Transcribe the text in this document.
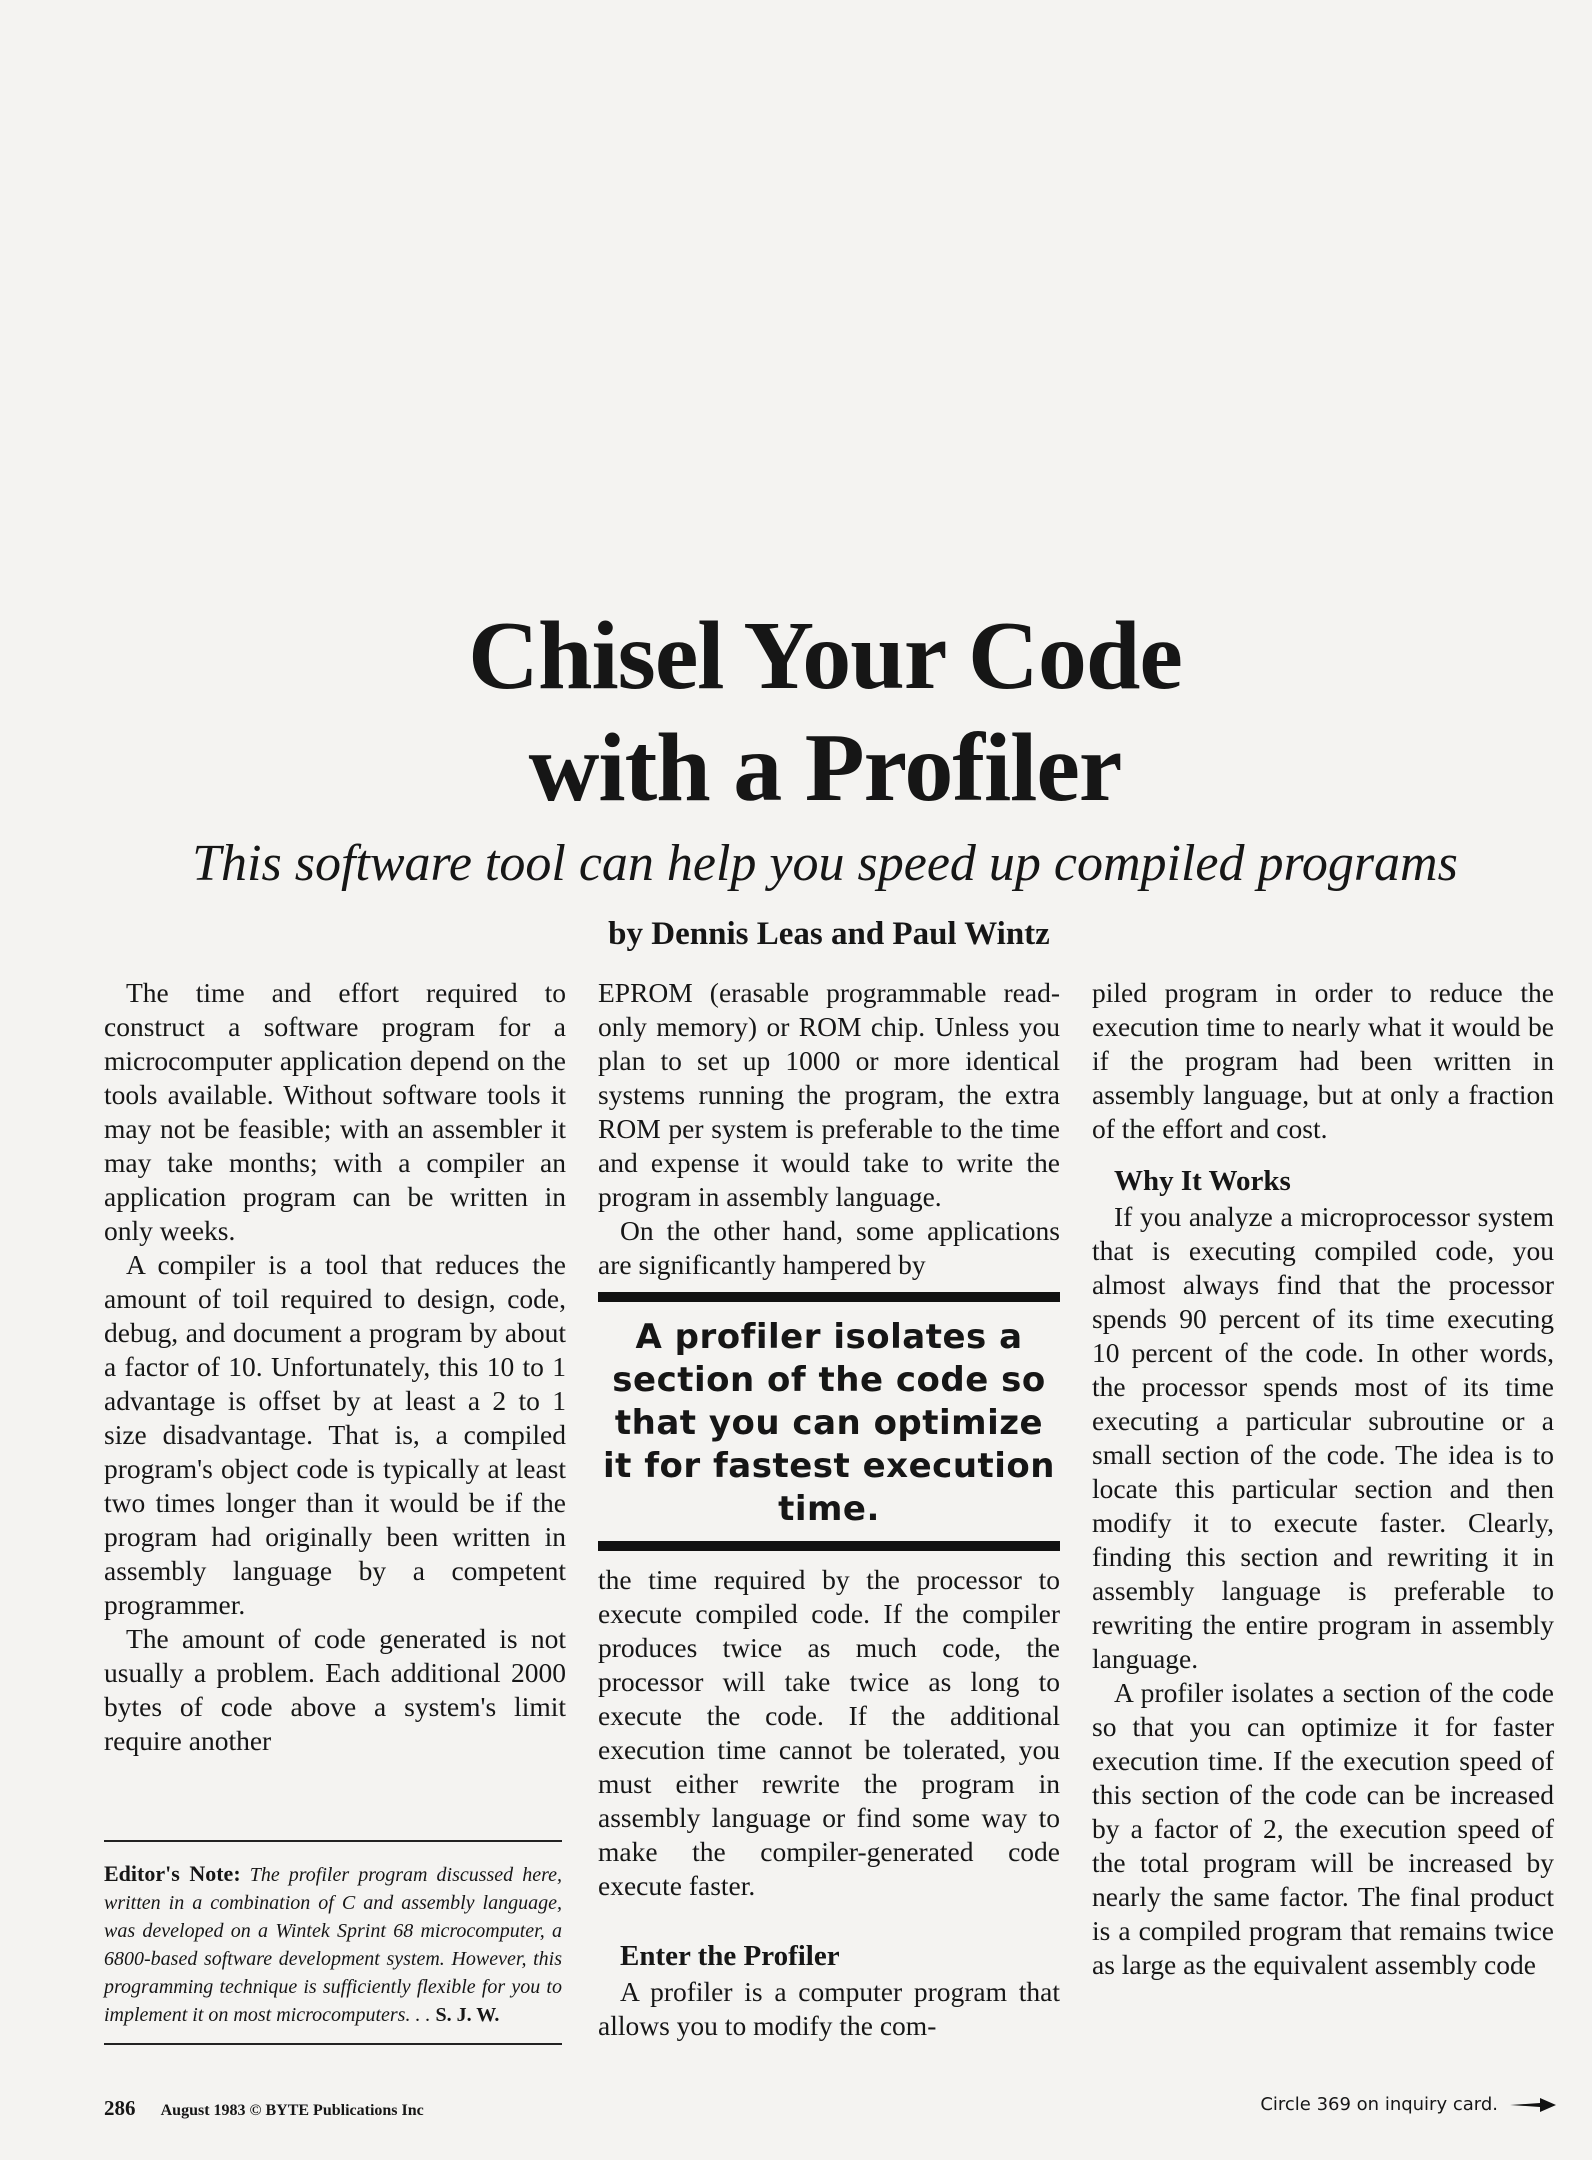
Chisel Your Code
with a Profiler

This software tool can help you speed up compiled programs

by Dennis Leas and Paul Wintz

The time and effort required to construct a software program for a microcomputer application depend on the tools available. Without software tools it may not be feasible; with an assembler it may take months; with a compiler an application program can be written in only weeks.

A compiler is a tool that reduces the amount of toil required to design, code, debug, and document a program by about a factor of 10. Unfortunately, this 10 to 1 advantage is offset by at least a 2 to 1 size disadvantage. That is, a compiled program's object code is typically at least two times longer than it would be if the program had originally been written in assembly language by a competent programmer.

The amount of code generated is not usually a problem. Each additional 2000 bytes of code above a system's limit require another

EPROM (erasable programmable read-only memory) or ROM chip. Unless you plan to set up 1000 or more identical systems running the program, the extra ROM per system is preferable to the time and expense it would take to write the program in assembly language.

On the other hand, some applications are significantly hampered by

A profiler isolates a section of the code so that you can optimize it for fastest execution time.

the time required by the processor to execute compiled code. If the compiler produces twice as much code, the processor will take twice as long to execute the code. If the additional execution time cannot be tolerated, you must either rewrite the program in assembly language or find some way to make the compiler-generated code execute faster.

Enter the Profiler

A profiler is a computer program that allows you to modify the com-

piled program in order to reduce the execution time to nearly what it would be if the program had been written in assembly language, but at only a fraction of the effort and cost.

Why It Works

If you analyze a microprocessor system that is executing compiled code, you almost always find that the processor spends 90 percent of its time executing 10 percent of the code. In other words, the processor spends most of its time executing a particular subroutine or a small section of the code. The idea is to locate this particular section and then modify it to execute faster. Clearly, finding this section and rewriting it in assembly language is preferable to rewriting the entire program in assembly language.

A profiler isolates a section of the code so that you can optimize it for faster execution time. If the execution speed of this section of the code can be increased by a factor of 2, the execution speed of the total program will be increased by nearly the same factor. The final product is a compiled program that remains twice as large as the equivalent assembly code

Editor's Note: The profiler program discussed here, written in a combination of C and assembly language, was developed on a Wintek Sprint 68 microcomputer, a 6800-based software development system. However, this programming technique is sufficiently flexible for you to implement it on most microcomputers. . . S. J. W.
286 August 1983 © BYTE Publications Inc	Circle 369 on inquiry card.
